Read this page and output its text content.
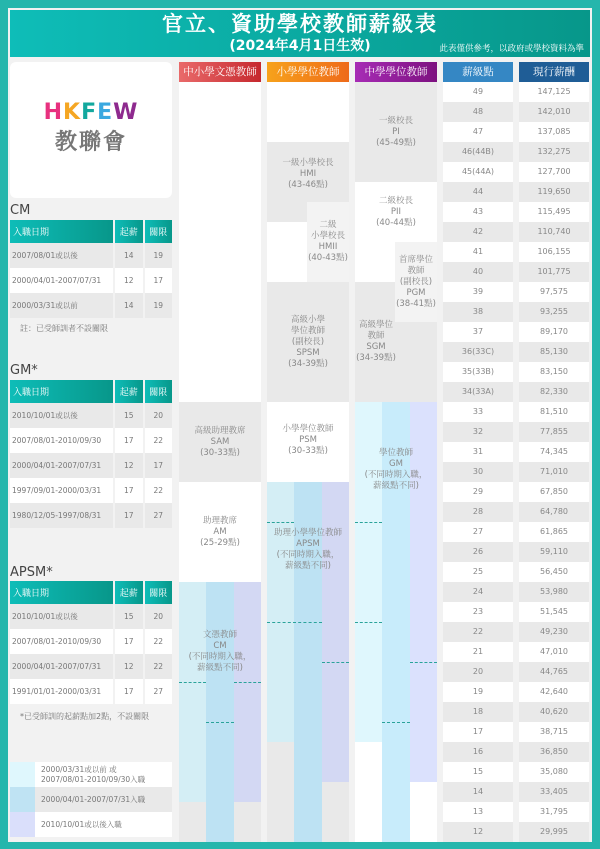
官立、資助學校教師薪級表
(2024年4月1日生效)	此表僅供參考，以政府或學校資料為準
HKFEW
教聯會
中小學文憑教師	小學學位教師	中學學位教師	薪級點	現行薪酬
高級助理教席
SAM
(30-33點)
助理教席
AM
(25-29點)
文憑教師
CM
(不同時期入職，
薪級點不同)
一級小學校長
HMI
(43-46點)
二級
小學校長
HMII
(40-43點)
高級小學
學位教師
(副校長)
SPSM
(34-39點)
小學學位教師
PSM
(30-33點)
助理小學學位教師
APSM
(不同時期入職，
薪級點不同)
一級校長
PI
(45-49點)
二級校長
PII
(40-44點)
高級學位
教師
SGM
(34-39點)
首席學位
教師
(副校長)
PGM
(38-41點)
學位教師
GM
(不同時期入職，
薪級點不同)
49	147,125
48	142,010
47	137,085
46(44B)	132,275
45(44A)	127,700
44	119,650
43	115,495
42	110,740
41	106,155
40	101,775
39	97,575
38	93,255
37	89,170
36(33C)	85,130
35(33B)	83,150
34(33A)	82,330
33	81,510
32	77,855
31	74,345
30	71,010
29	67,850
28	64,780
27	61,865
26	59,110
25	56,450
24	53,980
23	51,545
22	49,230
21	47,010
20	44,765
19	42,640
18	40,620
17	38,715
16	36,850
15	35,080
14	33,405
13	31,795
12	29,995
CM
入職日期	起薪	關限
2007/08/01或以後	14	19
2000/04/01-2007/07/31	12	17
2000/03/31或以前	14	19
註：已受師訓者不設關限
GM*
入職日期	起薪	關限
2010/10/01或以後	15	20
2007/08/01-2010/09/30	17	22
2000/04/01-2007/07/31	12	17
1997/09/01-2000/03/31	17	22
1980/12/05-1997/08/31	17	27
APSM*
入職日期	起薪	關限
2010/10/01或以後	15	20
2007/08/01-2010/09/30	17	22
2000/04/01-2007/07/31	12	22
1991/01/01-2000/03/31	17	27
*已受師訓的起薪點加2點，不設關限
2000/03/31或以前 或
2007/08/01-2010/09/30入職
2000/04/01-2007/07/31入職
2010/10/01或以後入職
